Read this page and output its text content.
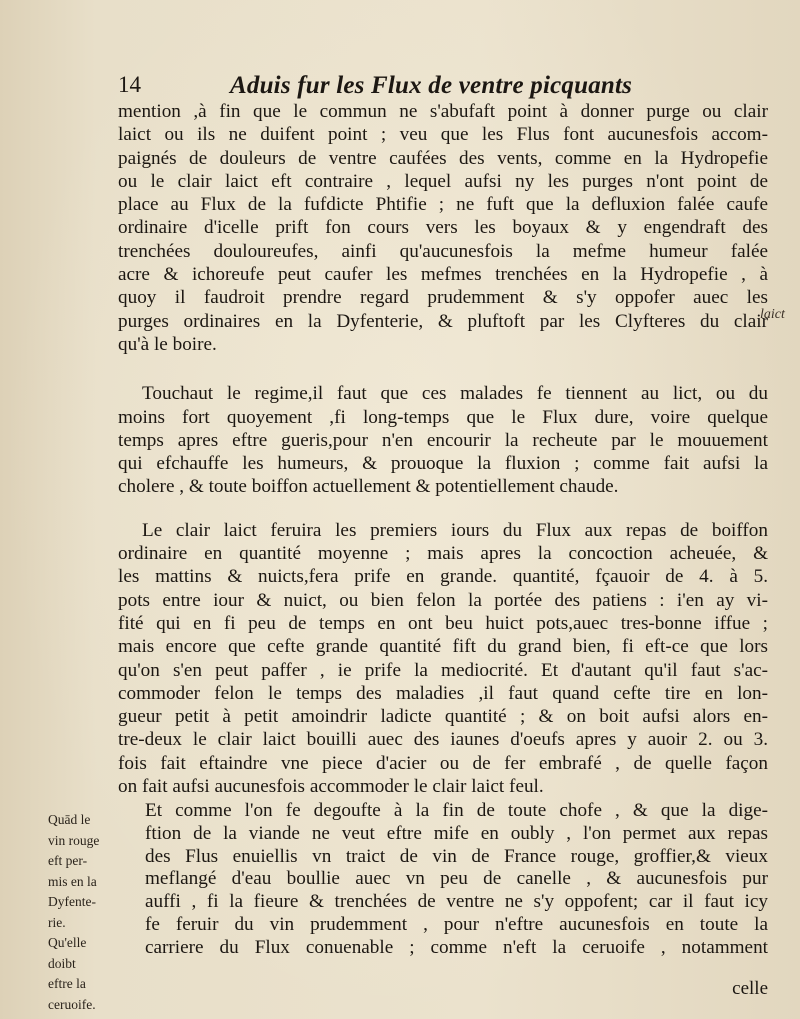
14	Aduis fur les Flux de ventre picquants
laict
mention ,à fin que le commun ne s'abufaft point à donner purge ou clair
laict ou ils ne duifent point ; veu que les Flus font aucunesfois accom-
paignés de douleurs de ventre caufées des vents, comme en la Hydropefie
ou le clair laict eft contraire , lequel aufsi ny les purges n'ont point de
place au Flux de la fufdicte Phtifie ; ne fuft que la defluxion falée caufe
ordinaire d'icelle prift fon cours vers les boyaux & y engendraft des
trenchées douloureufes, ainfi qu'aucunesfois la mefme humeur falée
acre & ichoreufe peut caufer les mefmes trenchées en la Hydropefie , à
quoy il faudroit prendre regard prudemment & s'y oppofer auec les
purges ordinaires en la Dyfenterie, & pluftoft par les Clyfteres du clair
qu'à le boire.
Touchaut le regime,il faut que ces malades fe tiennent au lict, ou du
moins fort quoyement ,fi long-temps que le Flux dure, voire quelque
temps apres eftre gueris,pour n'en encourir la recheute par le mouuement
qui efchauffe les humeurs, & prouoque la fluxion ; comme fait aufsi la
cholere , & toute boiffon actuellement & potentiellement chaude.
Le clair laict feruira les premiers iours du Flux aux repas de boiffon
ordinaire en quantité moyenne ; mais apres la concoction acheuée, &
les mattins & nuicts,fera prife en grande. quantité, fçauoir de 4. à 5.
pots entre iour & nuict, ou bien felon la portée des patiens : i'en ay vi-
fité qui en fi peu de temps en ont beu huict pots,auec tres-bonne iffue ;
mais encore que cefte grande quantité fift du grand bien, fi eft-ce que lors
qu'on s'en peut paffer , ie prife la mediocrité. Et d'autant qu'il faut s'ac-
commoder felon le temps des maladies ,il faut quand cefte tire en lon-
gueur petit à petit amoindrir ladicte quantité ; & on boit aufsi alors en-
tre-deux le clair laict bouilli auec des iaunes d'oeufs apres y auoir 2. ou 3.
fois fait eftaindre vne piece d'acier ou de fer embrafé , de quelle façon
on fait aufsi aucunesfois accommoder le clair laict feul.
Quād le
vin rouge
eft per-
mis en la
Dyfente-
rie.
Qu'elle
doibt
eftre la
ceruoife.
Et comme l'on fe degoufte à la fin de toute chofe , & que la dige-
ftion de la viande ne veut eftre mife en oubly , l'on permet aux repas
des Flus enuiellis vn traict de vin de France rouge, groffier,& vieux
meflangé d'eau boullie auec vn peu de canelle , & aucunesfois pur
auffi , fi la fieure & trenchées de ventre ne s'y oppofent; car il faut icy
fe feruir du vin prudemment , pour n'eftre aucunesfois en toute la
carriere du Flux conuenable ; comme n'eft la ceruoife , notamment
celle
